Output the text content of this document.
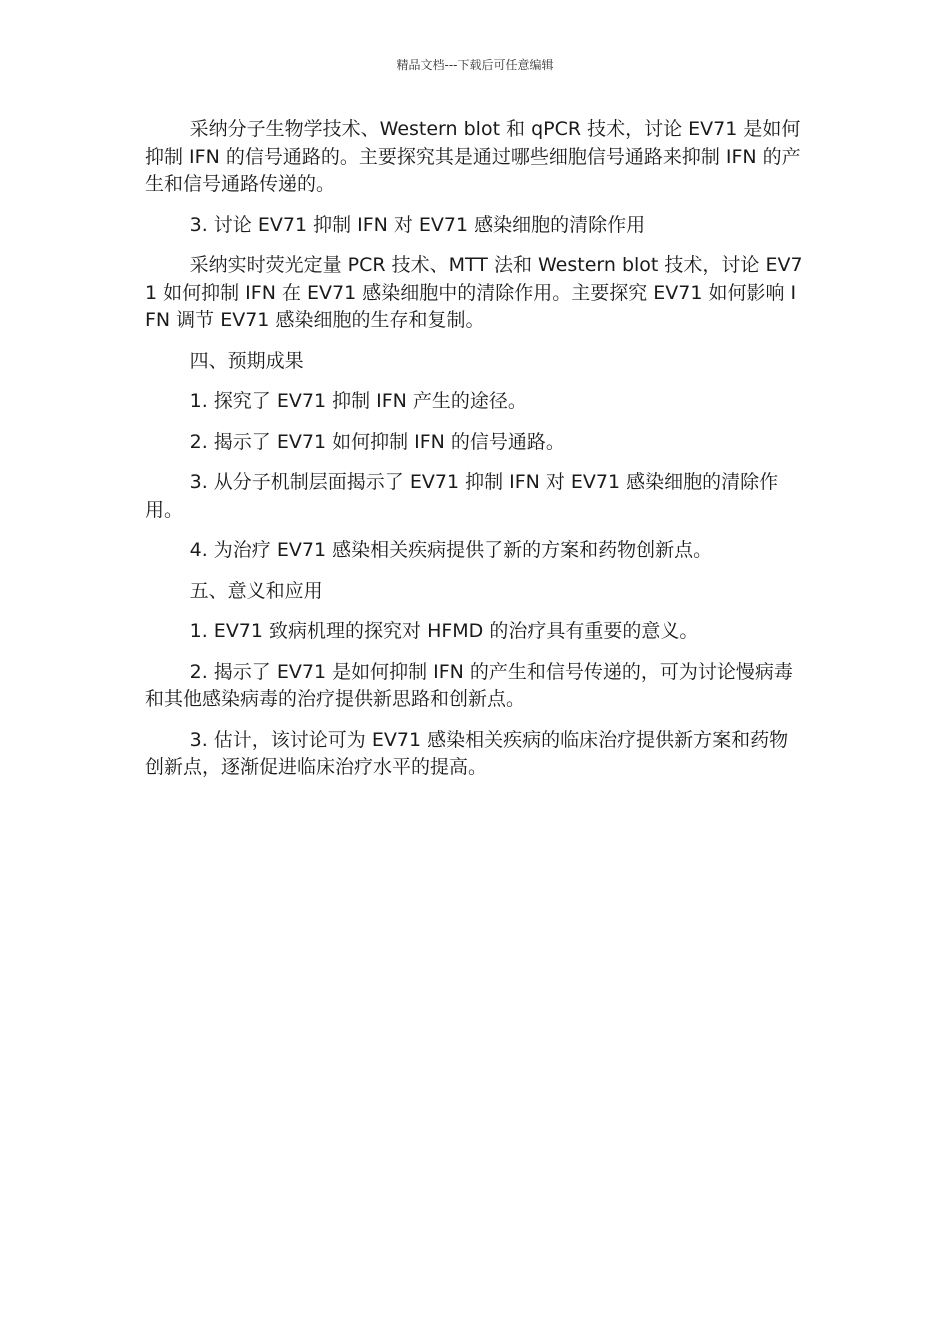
精品文档---下载后可任意编辑

采纳分子生物学技术、Western blot 和 qPCR 技术，讨论 EV71 是如何抑制 IFN 的信号通路的。主要探究其是通过哪些细胞信号通路来抑制 IFN 的产生和信号通路传递的。

3. 讨论 EV71 抑制 IFN 对 EV71 感染细胞的清除作用

采纳实时荧光定量 PCR 技术、MTT 法和 Western blot 技术，讨论 EV71 如何抑制 IFN 在 EV71 感染细胞中的清除作用。主要探究 EV71 如何影响 IFN 调节 EV71 感染细胞的生存和复制。

四、预期成果

1. 探究了 EV71 抑制 IFN 产生的途径。

2. 揭示了 EV71 如何抑制 IFN 的信号通路。

3. 从分子机制层面揭示了 EV71 抑制 IFN 对 EV71 感染细胞的清除作用。

4. 为治疗 EV71 感染相关疾病提供了新的方案和药物创新点。

五、意义和应用

1. EV71 致病机理的探究对 HFMD 的治疗具有重要的意义。

2. 揭示了 EV71 是如何抑制 IFN 的产生和信号传递的，可为讨论慢病毒和其他感染病毒的治疗提供新思路和创新点。

3. 估计，该讨论可为 EV71 感染相关疾病的临床治疗提供新方案和药物创新点，逐渐促进临床治疗水平的提高。
